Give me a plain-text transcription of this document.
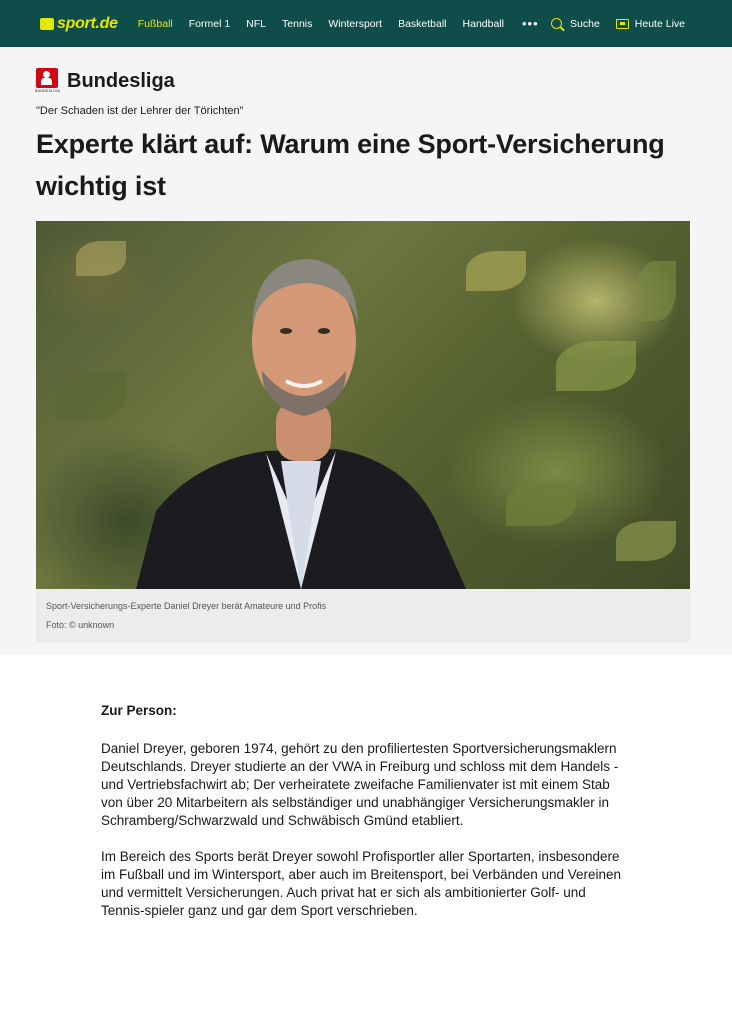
sport.de Fußball Formel 1 NFL Tennis Wintersport Basketball Handball •••	Suche	Heute Live
BUNDESLIGA Bundesliga
"Der Schaden ist der Lehrer der Törichten"
Experte klärt auf: Warum eine Sport-Versicherung wichtig ist
Sport-Versicherungs-Experte Daniel Dreyer berät Amateure und Profis
Foto: © unknown

Zur Person:

Daniel Dreyer, geboren 1974, gehört zu den profiliertesten Sportversicherungsmaklern Deutschlands. Dreyer studierte an der VWA in Freiburg und schloss mit dem Handels - und Vertriebsfachwirt ab; Der verheiratete zweifache Familienvater ist mit einem Stab von über 20 Mitarbeitern als selbständiger und unabhängiger Versicherungsmakler in Schramberg/Schwarzwald und Schwäbisch Gmünd etabliert.

Im Bereich des Sports berät Dreyer sowohl Profisportler aller Sportarten, insbesondere im Fußball und im Wintersport, aber auch im Breitensport, bei Verbänden und Vereinen und vermittelt Versicherungen. Auch privat hat er sich als ambitionierter Golf- und Tennis-spieler ganz und gar dem Sport verschrieben.
